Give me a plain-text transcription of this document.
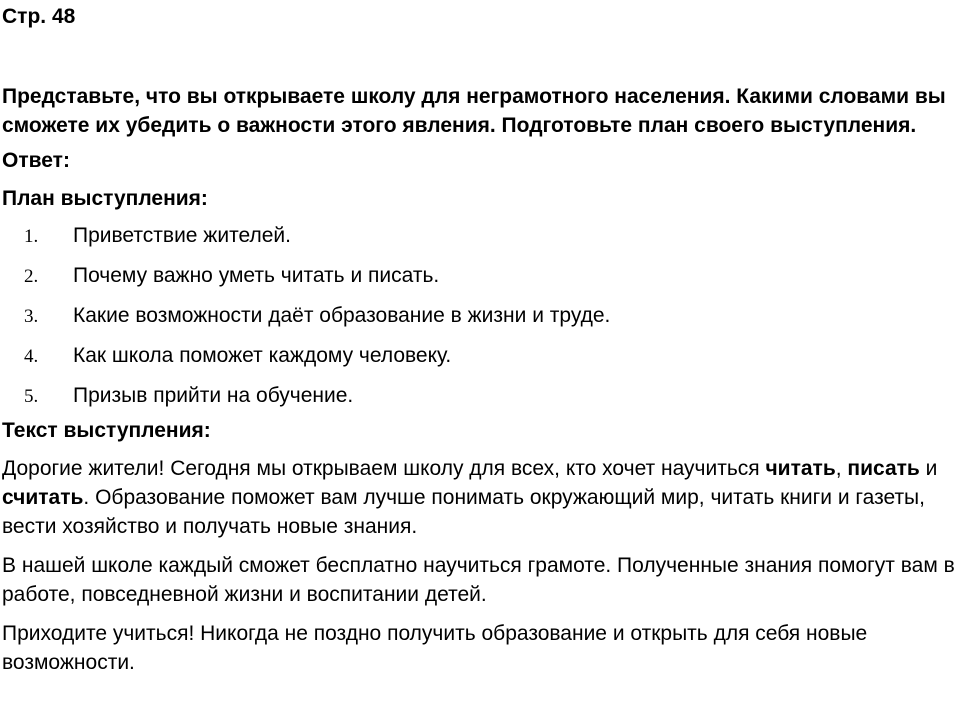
Стр. 48

Представьте, что вы открываете школу для неграмотного населения. Какими словами вы сможете их убедить о важности этого явления. Подготовьте план своего выступления.

Ответ:

План выступления:

1.	Приветствие жителей.
2.	Почему важно уметь читать и писать.
3.	Какие возможности даёт образование в жизни и труде.
4.	Как школа поможет каждому человеку.
5.	Призыв прийти на обучение.

Текст выступления:

Дорогие жители! Сегодня мы открываем школу для всех, кто хочет научиться читать, писать и считать. Образование поможет вам лучше понимать окружающий мир, читать книги и газеты, вести хозяйство и получать новые знания.

В нашей школе каждый сможет бесплатно научиться грамоте. Полученные знания помогут вам в работе, повседневной жизни и воспитании детей.

Приходите учиться! Никогда не поздно получить образование и открыть для себя новые возможности.
